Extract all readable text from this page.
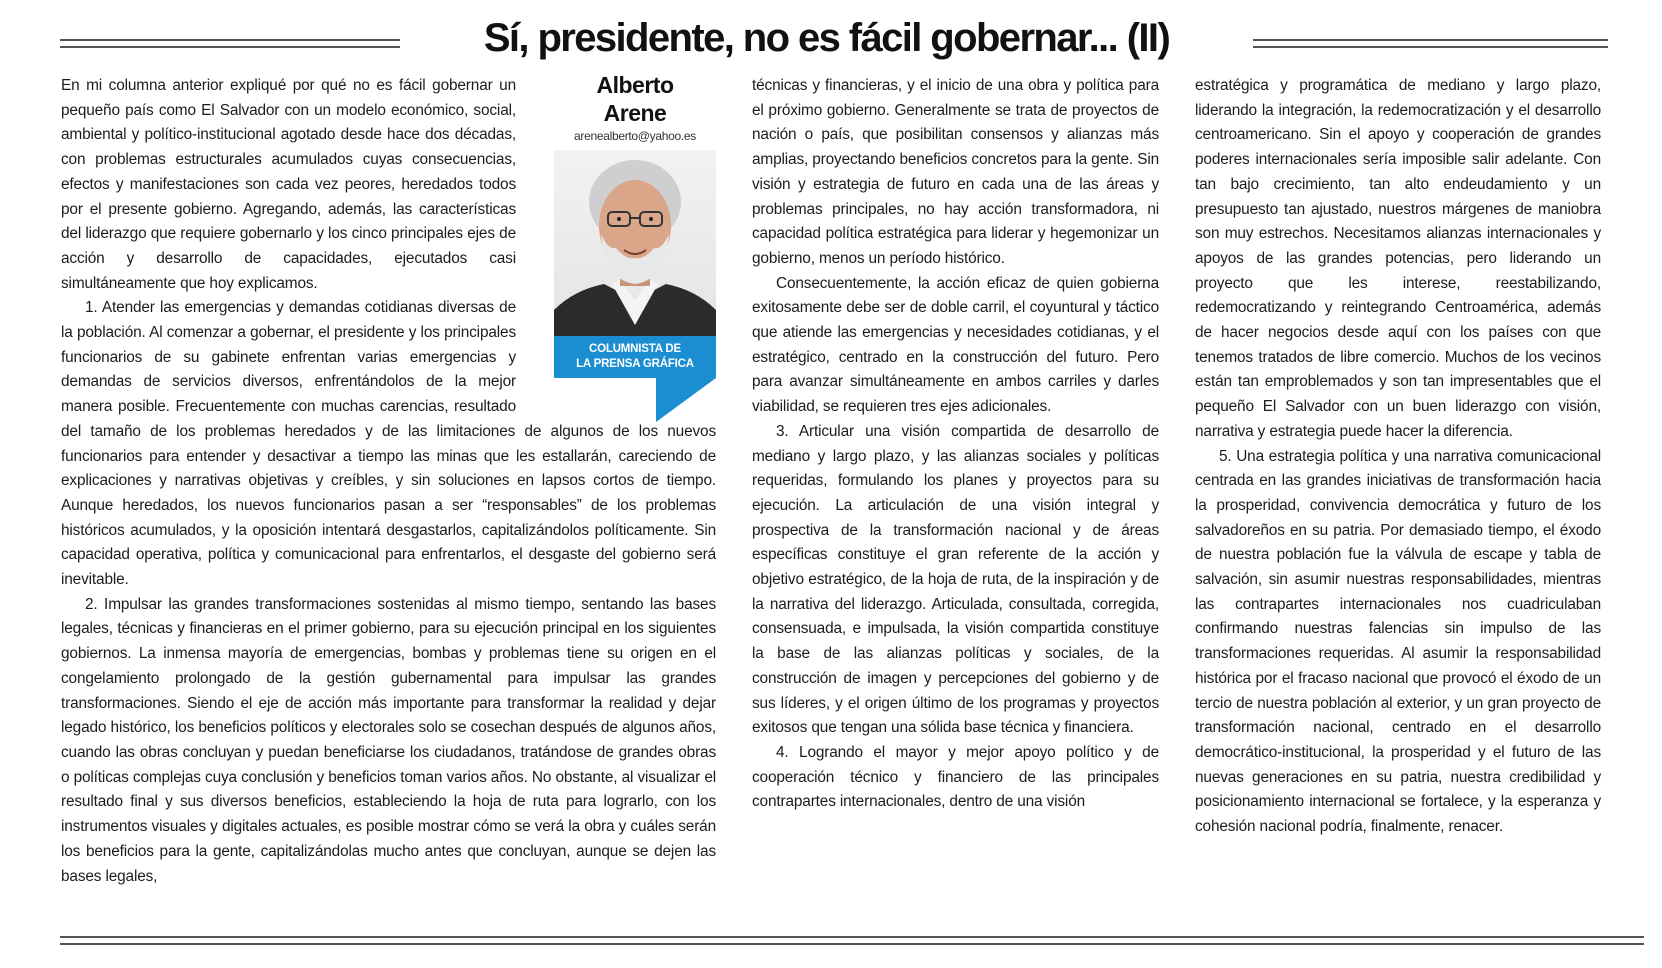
Sí, presidente, no es fácil gobernar... (II)
Alberto
Arene
arenealberto@yahoo.es
COLUMNISTA DE
LA PRENSA GRÁFICA

En mi columna anterior expliqué por qué no es fácil gobernar un pequeño país como El Salvador con un modelo económico, social, ambiental y político-institucional agotado desde hace dos décadas, con problemas estructurales acumulados cuyas consecuencias, efectos y manifestaciones son cada vez peores, heredados todos por el presente gobierno. Agregando, además, las características del liderazgo que requiere gobernarlo y los cinco principales ejes de acción y desarrollo de capacidades, ejecutados casi simultáneamente que hoy explicamos.

1. Atender las emergencias y demandas cotidianas diversas de la población. Al comenzar a gobernar, el presidente y los principales funcionarios de su gabinete enfrentan varias emergencias y demandas de servicios diversos, enfrentándolos de la mejor manera posible. Frecuentemente con muchas carencias, resultado del tamaño de los problemas heredados y de las limitaciones de algunos de los nuevos funcionarios para entender y desactivar a tiempo las minas que les estallarán, careciendo de explicaciones y narrativas objetivas y creíbles, y sin soluciones en lapsos cortos de tiempo. Aunque heredados, los nuevos funcionarios pasan a ser “responsables” de los problemas históricos acumulados, y la oposición intentará desgastarlos, capitalizándolos políticamente. Sin capacidad operativa, política y comunicacional para enfrentarlos, el desgaste del gobierno será inevitable.

2. Impulsar las grandes transformaciones sostenidas al mismo tiempo, sentando las bases legales, técnicas y financieras en el primer gobierno, para su ejecución principal en los siguientes gobiernos. La inmensa mayoría de emergencias, bombas y problemas tiene su origen en el congelamiento prolongado de la gestión gubernamental para impulsar las grandes transformaciones. Siendo el eje de acción más importante para transformar la realidad y dejar legado histórico, los beneficios políticos y electorales solo se cosechan después de algunos años, cuando las obras concluyan y puedan beneficiarse los ciudadanos, tratándose de grandes obras o políticas complejas cuya conclusión y beneficios toman varios años. No obstante, al visualizar el resultado final y sus diversos beneficios, estableciendo la hoja de ruta para lograrlo, con los instrumentos visuales y digitales actuales, es posible mostrar cómo se verá la obra y cuáles serán los beneficios para la gente, capitalizándolas mucho antes que concluyan, aunque se dejen las bases legales,

técnicas y financieras, y el inicio de una obra y política para el próximo gobierno. Generalmente se trata de proyectos de nación o país, que posibilitan consensos y alianzas más amplias, proyectando beneficios concretos para la gente. Sin visión y estrategia de futuro en cada una de las áreas y problemas principales, no hay acción transformadora, ni capacidad política estratégica para liderar y hegemonizar un gobierno, menos un período histórico.

Consecuentemente, la acción eficaz de quien gobierna exitosamente debe ser de doble carril, el coyuntural y táctico que atiende las emergencias y necesidades cotidianas, y el estratégico, centrado en la construcción del futuro. Pero para avanzar simultáneamente en ambos carriles y darles viabilidad, se requieren tres ejes adicionales.

3. Articular una visión compartida de desarrollo de mediano y largo plazo, y las alianzas sociales y políticas requeridas, formulando los planes y proyectos para su ejecución. La articulación de una visión integral y prospectiva de la transformación nacional y de áreas específicas constituye el gran referente de la acción y objetivo estratégico, de la hoja de ruta, de la inspiración y de la narrativa del liderazgo. Articulada, consultada, corregida, consensuada, e impulsada, la visión compartida constituye la base de las alianzas políticas y sociales, de la construcción de imagen y percepciones del gobierno y de sus líderes, y el origen último de los programas y proyectos exitosos que tengan una sólida base técnica y financiera.

4. Logrando el mayor y mejor apoyo político y de cooperación técnico y financiero de las principales contrapartes internacionales, dentro de una visión

estratégica y programática de mediano y largo plazo, liderando la integración, la redemocratización y el desarrollo centroamericano. Sin el apoyo y cooperación de grandes poderes internacionales sería imposible salir adelante. Con tan bajo crecimiento, tan alto endeudamiento y un presupuesto tan ajustado, nuestros márgenes de maniobra son muy estrechos. Necesitamos alianzas internacionales y apoyos de las grandes potencias, pero liderando un proyecto que les interese, reestabilizando, redemocratizando y reintegrando Centroamérica, además de hacer negocios desde aquí con los países con que tenemos tratados de libre comercio. Muchos de los vecinos están tan emproblemados y son tan impresentables que el pequeño El Salvador con un buen liderazgo con visión, narrativa y estrategia puede hacer la diferencia.

5. Una estrategia política y una narrativa comunicacional centrada en las grandes iniciativas de transformación hacia la prosperidad, convivencia democrática y futuro de los salvadoreños en su patria. Por demasiado tiempo, el éxodo de nuestra población fue la válvula de escape y tabla de salvación, sin asumir nuestras responsabilidades, mientras las contrapartes internacionales nos cuadriculaban confirmando nuestras falencias sin impulso de las transformaciones requeridas. Al asumir la responsabilidad histórica por el fracaso nacional que provocó el éxodo de un tercio de nuestra población al exterior, y un gran proyecto de transformación nacional, centrado en el desarrollo democrático-institucional, la prosperidad y el futuro de las nuevas generaciones en su patria, nuestra credibilidad y posicionamiento internacional se fortalece, y la esperanza y cohesión nacional podría, finalmente, renacer.
